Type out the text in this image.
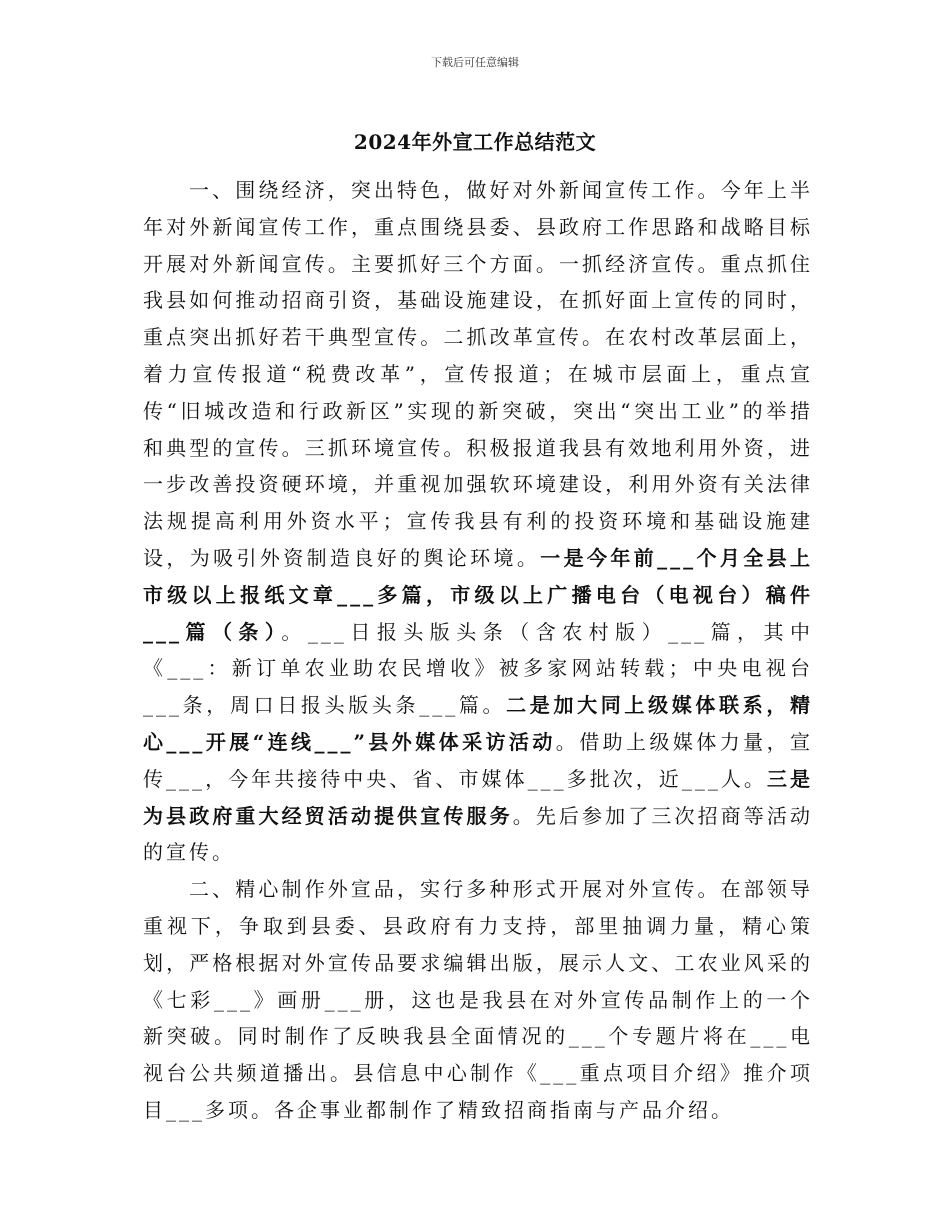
下载后可任意编辑
2024年外宣工作总结范文

一、围绕经济，突出特色，做好对外新闻宣传工作。今年上半年对外新闻宣传工作，重点围绕县委、县政府工作思路和战略目标开展对外新闻宣传。主要抓好三个方面。一抓经济宣传。重点抓住我县如何推动招商引资，基础设施建设，在抓好面上宣传的同时，重点突出抓好若干典型宣传。二抓改革宣传。在农村改革层面上，着力宣传报道“税费改革”，宣传报道；在城市层面上，重点宣传“旧城改造和行政新区”实现的新突破，突出“突出工业”的举措和典型的宣传。三抓环境宣传。积极报道我县有效地利用外资，进一步改善投资硬环境，并重视加强软环境建设，利用外资有关法律法规提高利用外资水平；宣传我县有利的投资环境和基础设施建设，为吸引外资制造良好的舆论环境。一是今年前___个月全县上市级以上报纸文章___多篇，市级以上广播电台（电视台）稿件___篇（条）。___日报头版头条（含农村版）___篇，其中《___：新订单农业助农民增收》被多家网站转载；中央电视台___条，周口日报头版头条___篇。二是加大同上级媒体联系，精心___开展“连线___”县外媒体采访活动。借助上级媒体力量，宣传___，今年共接待中央、省、市媒体___多批次，近___人。三是为县政府重大经贸活动提供宣传服务。先后参加了三次招商等活动的宣传。

二、精心制作外宣品，实行多种形式开展对外宣传。在部领导重视下，争取到县委、县政府有力支持，部里抽调力量，精心策划，严格根据对外宣传品要求编辑出版，展示人文、工农业风采的《七彩___》画册___册，这也是我县在对外宣传品制作上的一个新突破。同时制作了反映我县全面情况的___个专题片将在___电视台公共频道播出。县信息中心制作《___重点项目介绍》推介项目___多项。各企事业都制作了精致招商指南与产品介绍。
